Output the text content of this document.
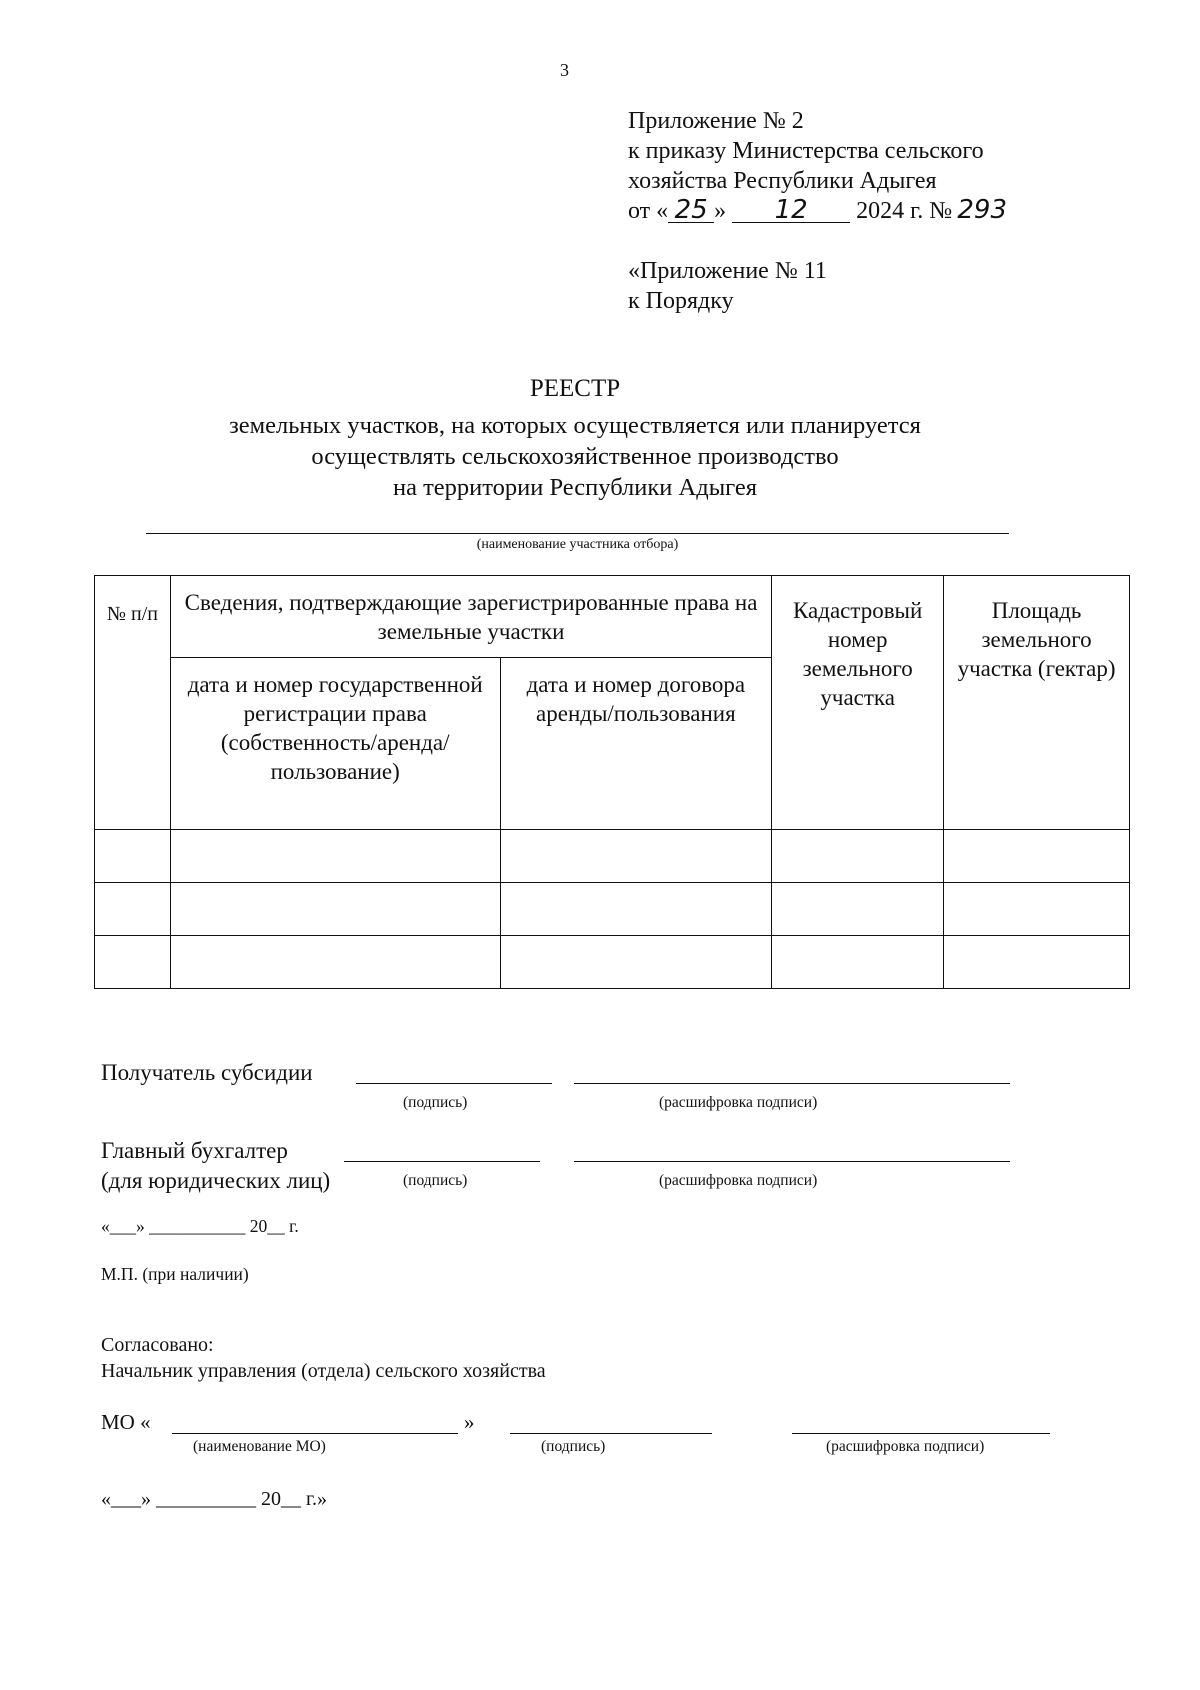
3
Приложение № 2
к приказу Министерства сельского
хозяйства Республики Адыгея
от « 25 » 12 2024 г. № 293
«Приложение № 11
к Порядку
РЕЕСТР
земельных участков, на которых осуществляется или планируется
осуществлять сельскохозяйственное производство
на территории Республики Адыгея
(наименование участника отбора)
№ п/п	Сведения, подтверждающие зарегистрированные права на земельные участки		Кадастровый номер земельного участка	Площадь земельного участка (гектар)
	дата и номер государственной регистрации права (собственность/аренда/ пользование)	дата и номер договора аренды/пользования		

Получатель субсидии
(подпись)	(расшифровка подписи)
Главный бухгалтер
(для юридических лиц)	(подпись)	(расшифровка подписи)
«___» ___________ 20__ г.
М.П. (при наличии)
Согласовано:
Начальник управления (отдела) сельского хозяйства
МО «	»
(наименование МО)	(подпись)	(расшифровка подписи)
«___» __________ 20__ г.»
